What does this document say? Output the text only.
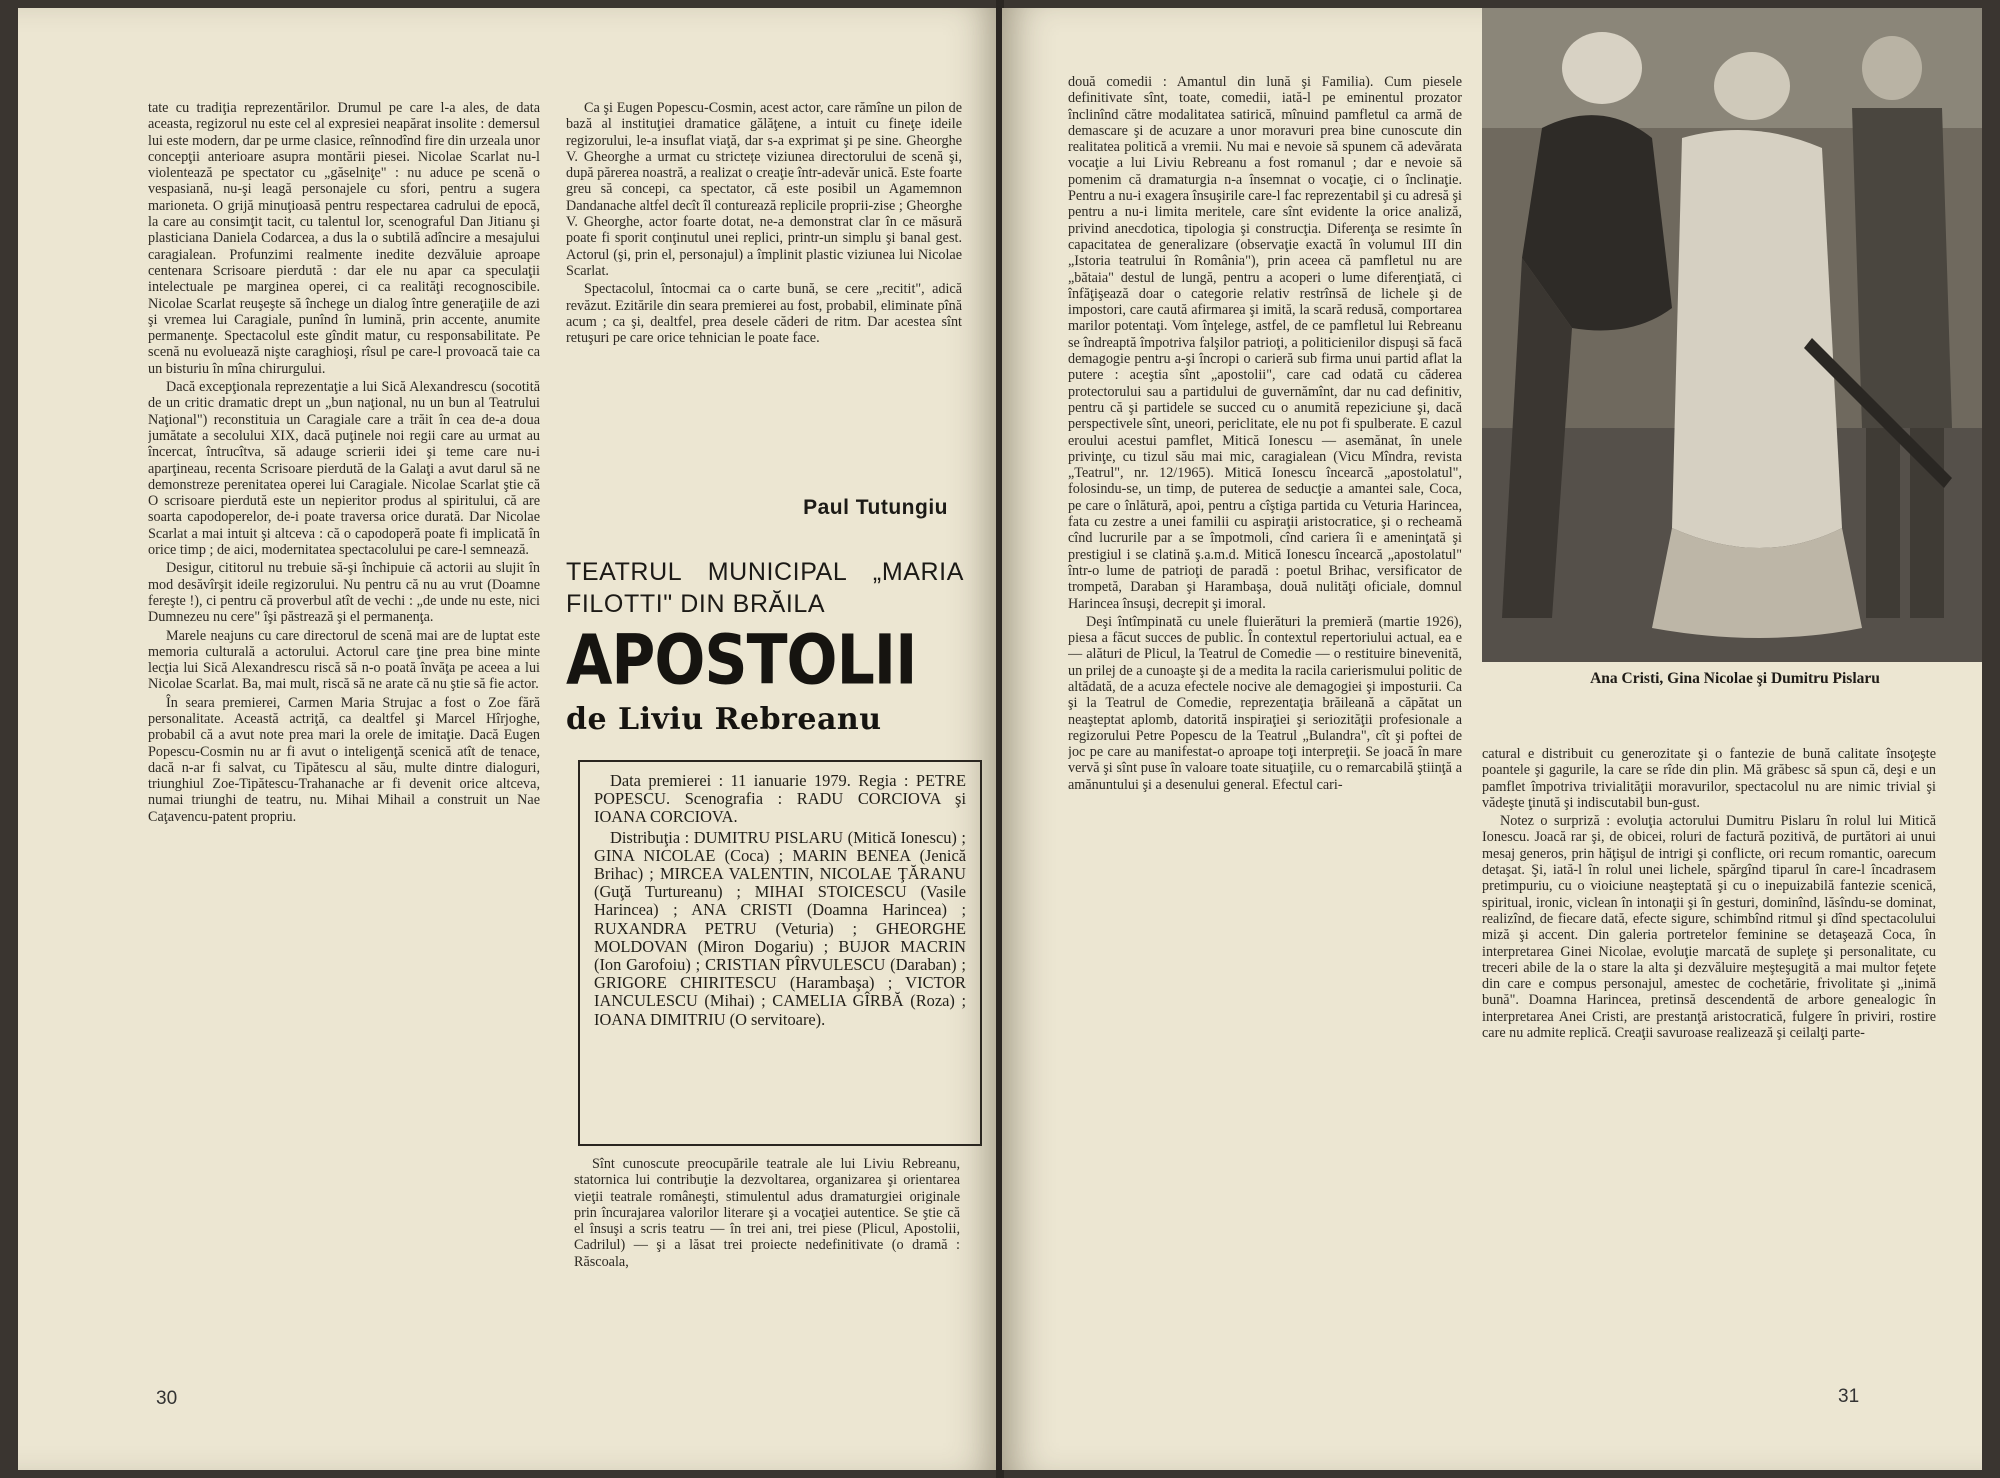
tate cu tradiţia reprezentărilor. Drumul pe care l-a ales, de data aceasta, regizorul nu este cel al expresiei neapărat insolite : demersul lui este modern, dar pe urme clasice, reînnodînd fire din urzeala unor concepţii anterioare asupra montării piesei. Nicolae Scarlat nu-l violentează pe spectator cu „găselniţe" : nu aduce pe scenă o vespasiană, nu-şi leagă personajele cu sfori, pentru a sugera marioneta. O grijă minuţioasă pentru respectarea cadrului de epocă, la care au consimţit tacit, cu talentul lor, scenograful Dan Jitianu şi plasticiana Daniela Codarcea, a dus la o subtilă adîncire a mesajului caragialean. Profunzimi realmente inedite dezvăluie aproape centenara Scrisoare pierdută : dar ele nu apar ca speculaţii intelectuale pe marginea operei, ci ca realităţi recognoscibile. Nicolae Scarlat reuşeşte să închege un dialog între generaţiile de azi şi vremea lui Caragiale, punînd în lumină, prin accente, anumite permanenţe. Spectacolul este gîndit matur, cu responsabilitate. Pe scenă nu evoluează nişte caraghioşi, rîsul pe care-l provoacă taie ca un bisturiu în mîna chirurgului.

Dacă excepţionala reprezentaţie a lui Sică Alexandrescu (socotită de un critic dramatic drept un „bun naţional, nu un bun al Teatrului Naţional") reconstituia un Caragiale care a trăit în cea de-a doua jumătate a secolului XIX, dacă puţinele noi regii care au urmat au încercat, întrucîtva, să adauge scrierii idei şi teme care nu-i aparţineau, recenta Scrisoare pierdută de la Galaţi a avut darul să ne demonstreze perenitatea operei lui Caragiale. Nicolae Scarlat ştie că O scrisoare pierdută este un nepieritor produs al spiritului, că are soarta capodoperelor, de-i poate traversa orice durată. Dar Nicolae Scarlat a mai intuit şi altceva : că o capodoperă poate fi implicată în orice timp ; de aici, modernitatea spectacolului pe care-l semnează.

Desigur, cititorul nu trebuie să-şi închipuie că actorii au slujit în mod desăvîrşit ideile regizorului. Nu pentru că nu au vrut (Doamne fereşte !), ci pentru că proverbul atît de vechi : „de unde nu este, nici Dumnezeu nu cere" îşi păstrează şi el permanenţa.

Marele neajuns cu care directorul de scenă mai are de luptat este memoria culturală a actorului. Actorul care ţine prea bine minte lecţia lui Sică Alexandrescu riscă să n-o poată învăţa pe aceea a lui Nicolae Scarlat. Ba, mai mult, riscă să ne arate că nu ştie să fie actor.

În seara premierei, Carmen Maria Strujac a fost o Zoe fără personalitate. Această actriţă, ca dealtfel şi Marcel Hîrjoghe, probabil că a avut note prea mari la orele de imitaţie. Dacă Eugen Popescu-Cosmin nu ar fi avut o inteligenţă scenică atît de tenace, dacă n-ar fi salvat, cu Tipătescu al său, multe dintre dialoguri, triunghiul Zoe-Tipătescu-Trahanache ar fi devenit orice altceva, numai triunghi de teatru, nu. Mihai Mihail a construit un Nae Caţavencu-patent propriu.

Ca şi Eugen Popescu-Cosmin, acest actor, care rămîne un pilon de bază al instituţiei dramatice gălăţene, a intuit cu fineţe ideile regizorului, le-a insuflat viaţă, dar s-a exprimat şi pe sine. Gheorghe V. Gheorghe a urmat cu strictețe viziunea directorului de scenă şi, după părerea noastră, a realizat o creaţie într-adevăr unică. Este foarte greu să concepi, ca spectator, că este posibil un Agamemnon Dandanache altfel decît îl conturează replicile proprii-zise ; Gheorghe V. Gheorghe, actor foarte dotat, ne-a demonstrat clar în ce măsură poate fi sporit conţinutul unei replici, printr-un simplu şi banal gest. Actorul (şi, prin el, personajul) a împlinit plastic viziunea lui Nicolae Scarlat.

Spectacolul, întocmai ca o carte bună, se cere „recitit", adică revăzut. Ezitările din seara premierei au fost, probabil, eliminate pînă acum ; ca şi, dealtfel, prea desele căderi de ritm. Dar acestea sînt retuşuri pe care orice tehnician le poate face.

Paul Tutungiu
TEATRUL MUNICIPAL „MARIA FILOTTI" DIN BRĂILA
APOSTOLII
de Liviu Rebreanu

Data premierei : 11 ianuarie 1979. Regia : PETRE POPESCU. Scenografia : RADU CORCIOVA şi IOANA CORCIOVA.

Distribuţia : DUMITRU PISLARU (Mitică Ionescu) ; GINA NICOLAE (Coca) ; MARIN BENEA (Jenică Brihac) ; MIRCEA VALENTIN, NICOLAE ŢĂRANU (Guţă Turtureanu) ; MIHAI STOICESCU (Vasile Harincea) ; ANA CRISTI (Doamna Harincea) ; RUXANDRA PETRU (Veturia) ; GHEORGHE MOLDOVAN (Miron Dogariu) ; BUJOR MACRIN (Ion Garofoiu) ; CRISTIAN PÎRVULESCU (Daraban) ; GRIGORE CHIRITESCU (Harambaşa) ; VICTOR IANCULESCU (Mihai) ; CAMELIA GÎRBĂ (Roza) ; IOANA DIMITRIU (O servitoare).

Sînt cunoscute preocupările teatrale ale lui Liviu Rebreanu, statornica lui contribuţie la dezvoltarea, organizarea şi orientarea vieţii teatrale româneşti, stimulentul adus dramaturgiei originale prin încurajarea valorilor literare şi a vocaţiei autentice. Se ştie că el însuşi a scris teatru — în trei ani, trei piese (Plicul, Apostolii, Cadrilul) — şi a lăsat trei proiecte nedefinitivate (o dramă : Răscoala,

30

două comedii : Amantul din lună şi Familia). Cum piesele definitivate sînt, toate, comedii, iată-l pe eminentul prozator înclinînd către modalitatea satirică, mînuind pamfletul ca armă de demascare şi de acuzare a unor moravuri prea bine cunoscute din realitatea politică a vremii. Nu mai e nevoie să spunem că adevărata vocaţie a lui Liviu Rebreanu a fost romanul ; dar e nevoie să pomenim că dramaturgia n-a însemnat o vocaţie, ci o înclinaţie. Pentru a nu-i exagera însuşirile care-l fac reprezentabil şi cu adresă şi pentru a nu-i limita meritele, care sînt evidente la orice analiză, privind anecdotica, tipologia şi construcţia. Diferenţa se resimte în capacitatea de generalizare (observaţie exactă în volumul III din „Istoria teatrului în România"), prin aceea că pamfletul nu are „bătaia" destul de lungă, pentru a acoperi o lume diferenţiată, ci înfăţişează doar o categorie relativ restrînsă de lichele şi de impostori, care caută afirmarea şi imită, la scară redusă, comportarea marilor potentaţi. Vom înţelege, astfel, de ce pamfletul lui Rebreanu se îndreaptă împotriva falşilor patrioţi, a politicienilor dispuşi să facă demagogie pentru a-şi încropi o carieră sub firma unui partid aflat la putere : aceştia sînt „apostolii", care cad odată cu căderea protectorului sau a partidului de guvernămînt, dar nu cad definitiv, pentru că şi partidele se succed cu o anumită repeziciune şi, dacă perspectivele sînt, uneori, periclitate, ele nu pot fi spulberate. E cazul eroului acestui pamflet, Mitică Ionescu — asemănat, în unele privinţe, cu tizul său mai mic, caragialean (Vicu Mîndra, revista „Teatrul", nr. 12/1965). Mitică Ionescu încearcă „apostolatul", folosindu-se, un timp, de puterea de seducţie a amantei sale, Coca, pe care o înlătură, apoi, pentru a cîştiga partida cu Veturia Harincea, fata cu zestre a unei familii cu aspiraţii aristocratice, şi o recheamă cînd lucrurile par a se împotmoli, cînd cariera îi e ameninţată şi prestigiul i se clatină ş.a.m.d. Mitică Ionescu încearcă „apostolatul" într-o lume de patrioţi de paradă : poetul Brihac, versificator de trompetă, Daraban şi Harambaşa, două nulităţi oficiale, domnul Harincea însuşi, decrepit şi imoral.

Deşi întîmpinată cu unele fluierături la premieră (martie 1926), piesa a făcut succes de public. În contextul repertoriului actual, ea e — alături de Plicul, la Teatrul de Comedie — o restituire binevenită, un prilej de a cunoaşte şi de a medita la racila carierismului politic de altădată, de a acuza efectele nocive ale demagogiei şi imposturii. Ca şi la Teatrul de Comedie, reprezentaţia brăileană a căpătat un neaşteptat aplomb, datorită inspiraţiei şi seriozităţii profesionale a regizorului Petre Popescu de la Teatrul „Bulandra", cît şi poftei de joc pe care au manifestat-o aproape toţi interpreţii. Se joacă în mare vervă şi sînt puse în valoare toate situaţiile, cu o remarcabilă ştiinţă a amănuntului şi a desenului general. Efectul cari-

catural e distribuit cu generozitate şi o fantezie de bună calitate însoţeşte poantele şi gagurile, la care se rîde din plin. Mă grăbesc să spun că, deşi e un pamflet împotriva trivialităţii moravurilor, spectacolul nu are nimic trivial şi vădeşte ţinută şi indiscutabil bun-gust.

Notez o surpriză : evoluţia actorului Dumitru Pislaru în rolul lui Mitică Ionescu. Joacă rar şi, de obicei, roluri de factură pozitivă, de purtători ai unui mesaj generos, prin hăţişul de intrigi şi conflicte, ori recum romantic, oarecum detaşat. Şi, iată-l în rolul unei lichele, spărgînd tiparul în care-l încadrasem pretimpuriu, cu o vioiciune neaşteptată şi cu o inepuizabilă fantezie scenică, spiritual, ironic, viclean în intonaţii şi în gesturi, dominînd, lăsîndu-se dominat, realizînd, de fiecare dată, efecte sigure, schimbînd ritmul şi dînd spectacolului miză şi accent. Din galeria portretelor feminine se detaşează Coca, în interpretarea Ginei Nicolae, evoluţie marcată de supleţe şi personalitate, cu treceri abile de la o stare la alta şi dezvăluire meşteşugită a mai multor feţete din care e compus personajul, amestec de cochetărie, frivolitate şi „inimă bună". Doamna Harincea, pretinsă descendentă de arbore genealogic în interpretarea Anei Cristi, are prestanţă aristocratică, fulgere în priviri, rostire care nu admite replică. Creaţii savuroase realizează şi ceilalţi parte-

31
Ana Cristi, Gina Nicolae şi Dumitru Pislaru
